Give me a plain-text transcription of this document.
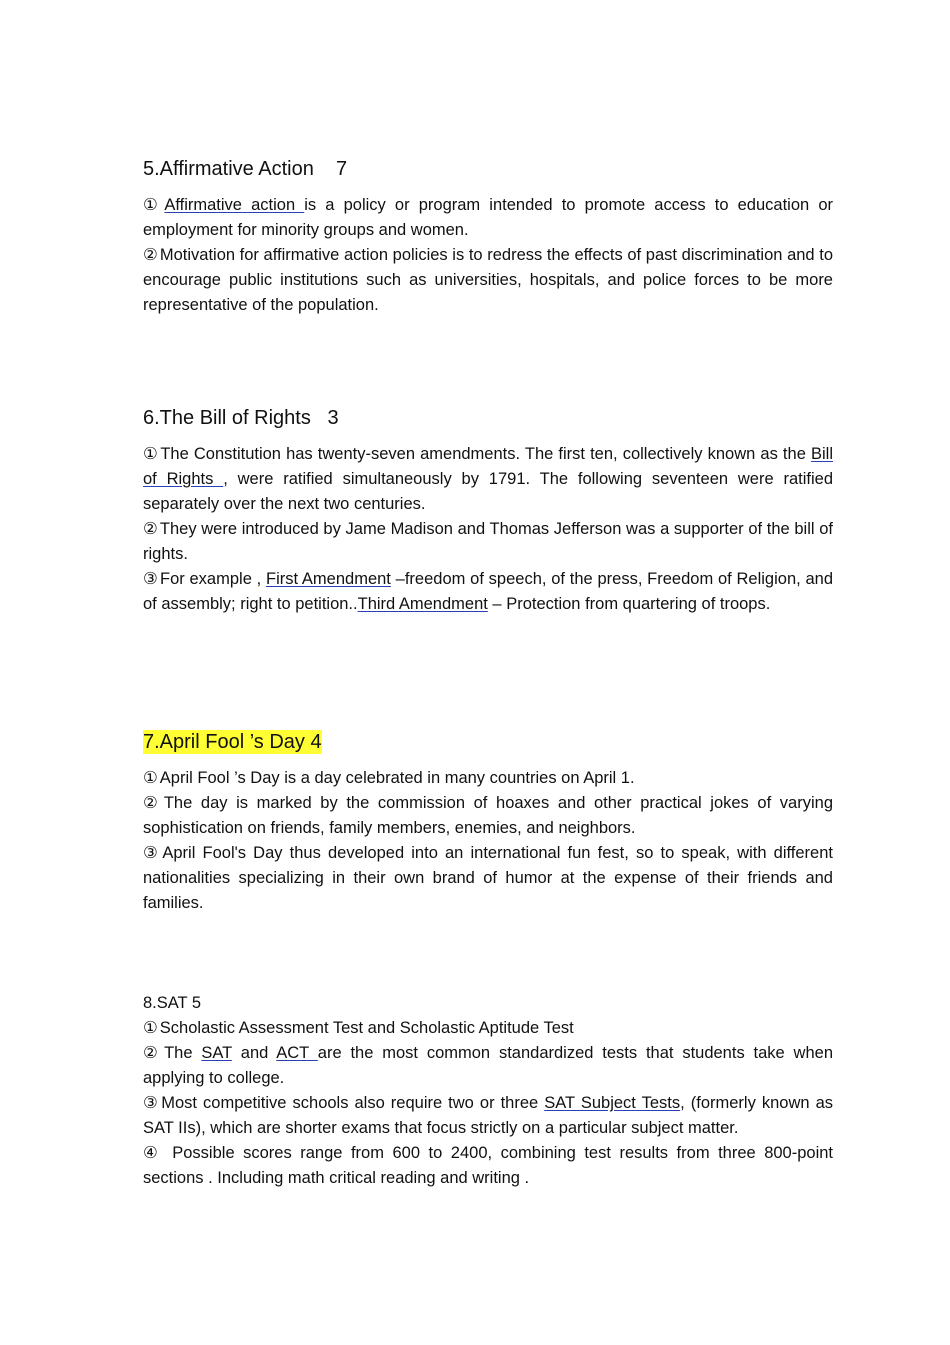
5.Affirmative Action    7

① Affirmative action is a policy or program intended to promote access to education or employment for minority groups and women.

② Motivation for affirmative action policies is to redress the effects of past discrimination and to encourage public institutions such as universities, hospitals, and police forces to be more representative of the population.

6.The Bill of Rights   3

① The Constitution has twenty-seven amendments. The first ten, collectively known as the Bill of Rights , were ratified simultaneously by 1791. The following seventeen were ratified separately over the next two centuries.

② They were introduced by Jame Madison and Thomas Jefferson was a supporter of the bill of rights.

③ For example , First Amendment –freedom of speech, of the press, Freedom of Religion, and of assembly; right to petition..Third Amendment – Protection from quartering of troops.

7.April Fool ’s Day 4

① April Fool ’s Day is a day celebrated in many countries on April 1.

② The day is marked by the commission of hoaxes and other practical jokes of varying sophistication on friends, family members, enemies, and neighbors.

③ April Fool's Day thus developed into an international fun fest, so to speak, with different nationalities specializing in their own brand of humor at the expense of their friends and families.

8.SAT 5

① Scholastic Assessment Test and Scholastic Aptitude Test

② The SAT and ACT are the most common standardized tests that students take when applying to college.

③ Most competitive schools also require two or three SAT Subject Tests, (formerly known as SAT IIs), which are shorter exams that focus strictly on a particular subject matter.

④ Possible scores range from 600 to 2400, combining test results from three 800-point sections . Including math critical reading and writing .
